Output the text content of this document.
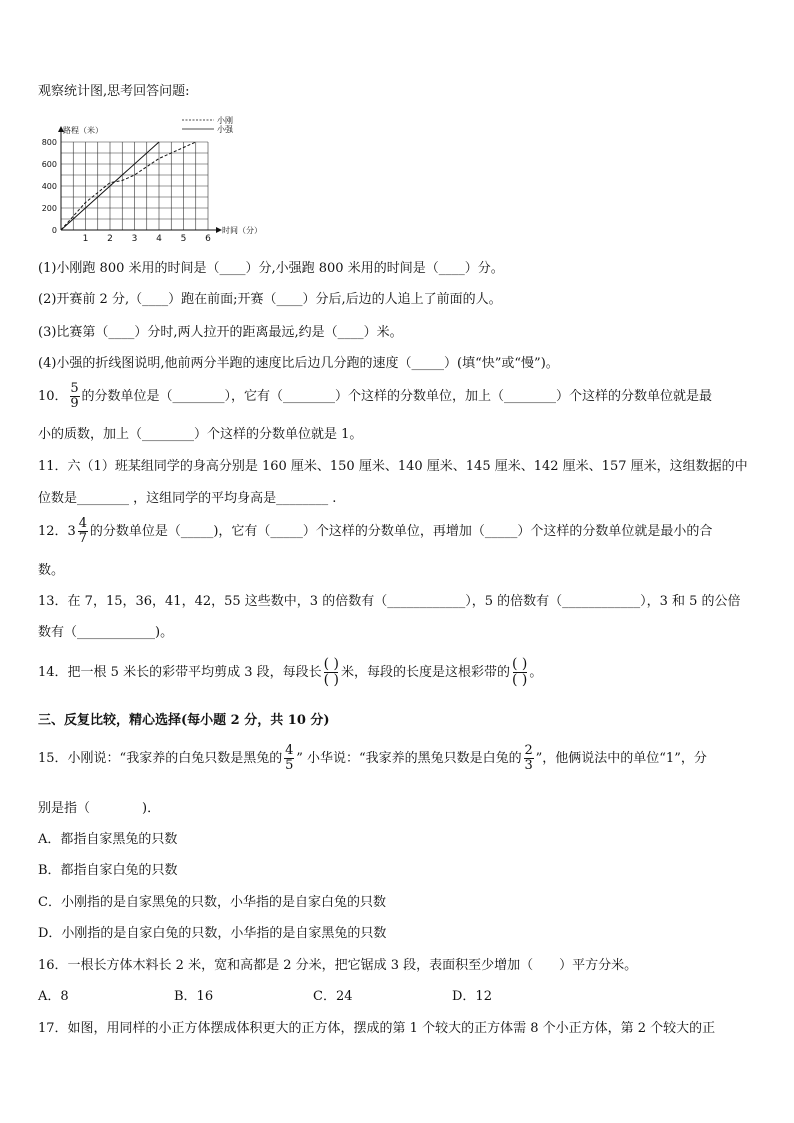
观察统计图,思考回答问题:
路程（米）
时间（分）
1 2 3 4 5 6
0
200
400
600
800
小刚
小强
(1)小刚跑 800 米用的时间是（____）分,小强跑 800 米用的时间是（____）分。
(2)开赛前 2 分,（____）跑在前面;开赛（____）分后,后边的人追上了前面的人。
(3)比赛第（____）分时,两人拉开的距离最远,约是（____）米。
(4)小强的折线图说明,他前两分半跑的速度比后边几分跑的速度（_____）(填“快”或“慢”)。
10． $\frac{5}{9}$ 的分数单位是（________），它有（________）个这样的分数单位，加上（________）个这样的分数单位就是最
小的质数，加上（________）个这样的分数单位就是 1。
11．六（1）班某组同学的身高分别是 160 厘米、150 厘米、140 厘米、145 厘米、142 厘米、157 厘米，这组数据的中
位数是________ ，这组同学的平均身高是________ .
12．$3 \frac{4}{7}$ 的分数单位是（_____)，它有（_____）个这样的分数单位，再增加（_____）个这样的分数单位就是最小的合
数。
13．在 7，15，36，41，42，55 这些数中，3 的倍数有（____________），5 的倍数有（____________），3 和 5 的公倍
数有（____________)。
14．把一根 5 米长的彩带平均剪成 3 段，每段长
( )
( ) 米，每段的长度是这根彩带的
( )
( ) 。
三、反复比较，精心选择(每小题 2 分，共 10 分)
15．小刚说：“我家养的白兔只数是黑兔的 $\frac{4}{5}$ ” 小华说：“我家养的黑兔只数是白兔的 $\frac{2}{3}$ ”，他俩说法中的单位“1”，分
别是指（　　　　)．
A．都指自家黑兔的只数
B．都指自家白兔的只数
C．小刚指的是自家黑兔的只数，小华指的是自家白兔的只数
D．小刚指的是自家白兔的只数，小华指的是自家黑兔的只数
16．一根长方体木料长 2 米，宽和高都是 2 分米，把它锯成 3 段，表面积至少增加（　　）平方分米。
A．8	B．16	C．24	D．12
17．如图，用同样的小正方体摆成体积更大的正方体，摆成的第 1 个较大的正方体需 8 个小正方体，第 2 个较大的正
